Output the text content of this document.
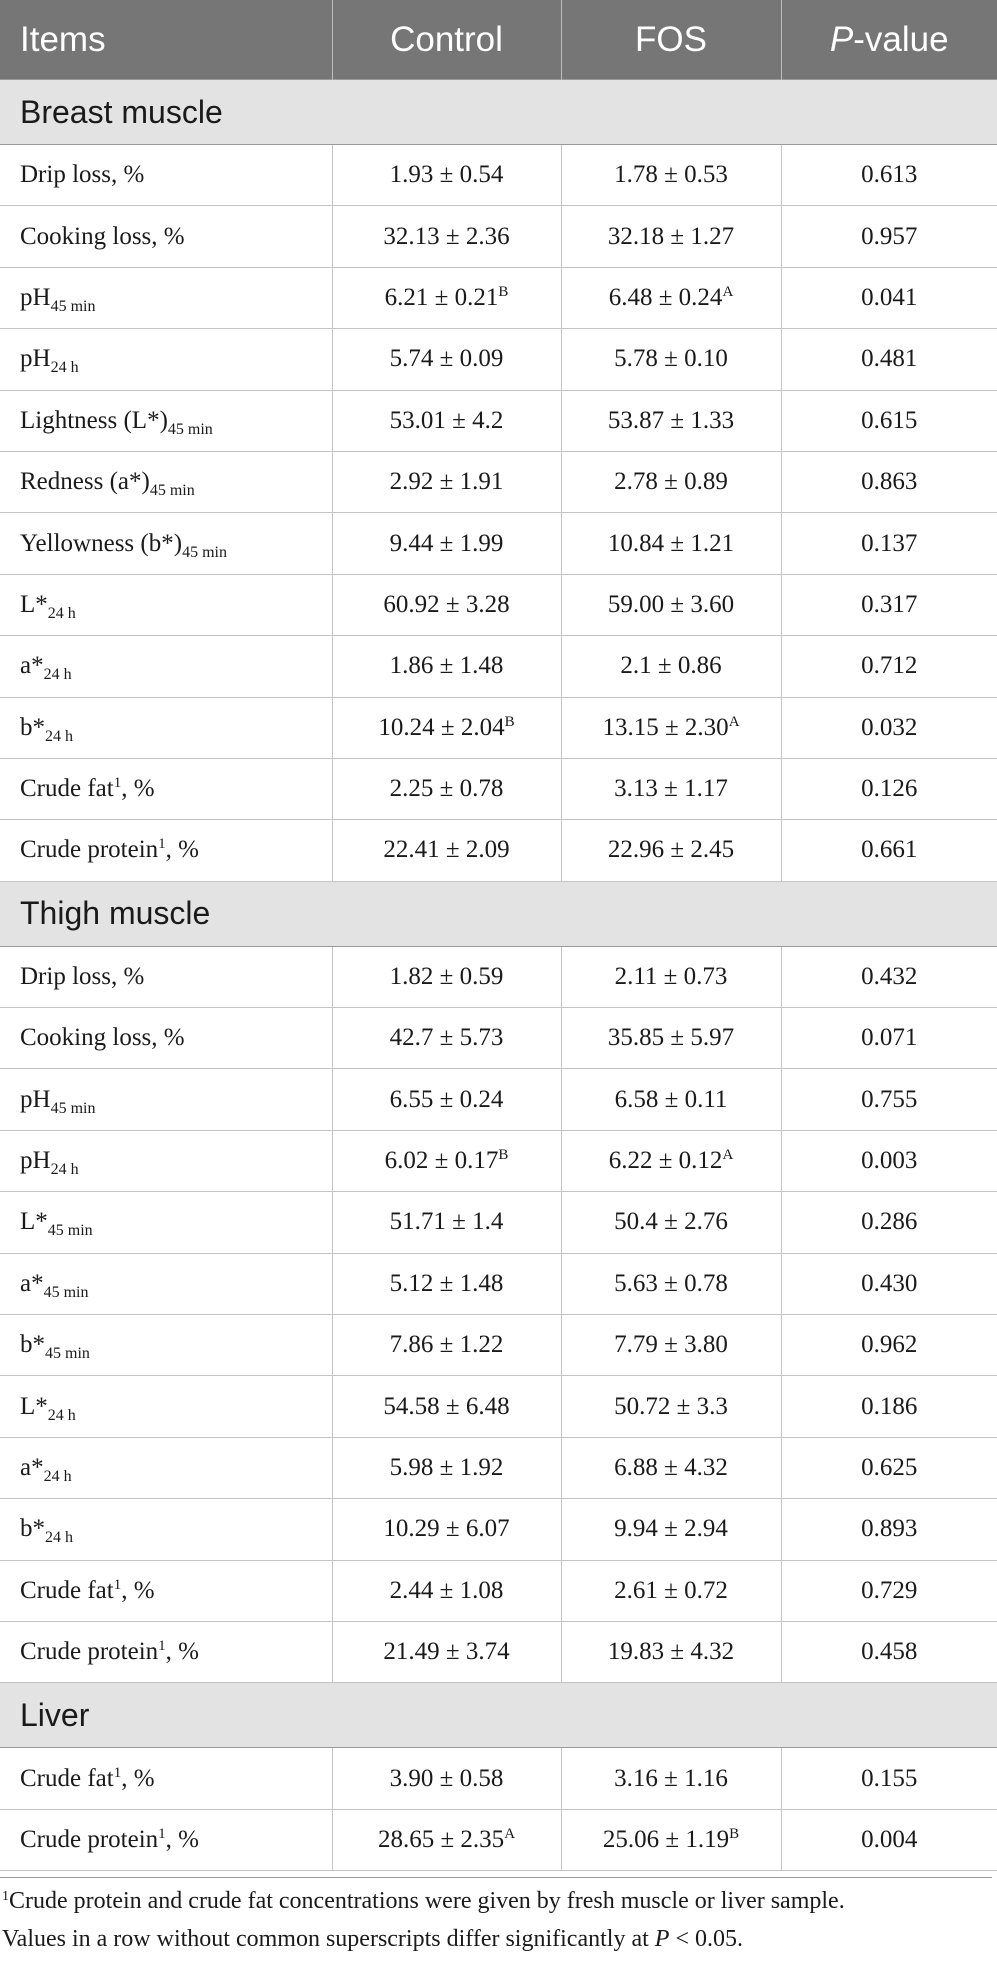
Items	Control	FOS	P-value
Breast muscle			
Drip loss, %	1.93 ± 0.54	1.78 ± 0.53	0.613
Cooking loss, %	32.13 ± 2.36	32.18 ± 1.27	0.957
$pH_{45 min}$	$6.21 \pm 0.21^B$	$6.48 \pm 0.24^A$	0.041
$pH_{24 h}$	5.74 ± 0.09	5.78 ± 0.10	0.481
Lightness $(L*)_{45 min}$	53.01 ± 4.2	53.87 ± 1.33	0.615
Redness $(a*)_{45 min}$	2.92 ± 1.91	2.78 ± 0.89	0.863
Yellowness $(b*)_{45 min}$	9.44 ± 1.99	10.84 ± 1.21	0.137
$L*_{24 h}$	60.92 ± 3.28	59.00 ± 3.60	0.317
$a*_{24 h}$	1.86 ± 1.48	2.1 ± 0.86	0.712
$b*_{24 h}$	$10.24 \pm 2.04^B$	$13.15 \pm 2.30^A$	0.032
Crude fat$^1$, %	2.25 ± 0.78	3.13 ± 1.17	0.126
Crude protein$^1$, %	22.41 ± 2.09	22.96 ± 2.45	0.661
Thigh muscle			
Drip loss, %	1.82 ± 0.59	2.11 ± 0.73	0.432
Cooking loss, %	42.7 ± 5.73	35.85 ± 5.97	0.071
$pH_{45 min}$	6.55 ± 0.24	6.58 ± 0.11	0.755
$pH_{24 h}$	$6.02 \pm 0.17^B$	$6.22 \pm 0.12^A$	0.003
$L*_{45 min}$	51.71 ± 1.4	50.4 ± 2.76	0.286
$a*_{45 min}$	5.12 ± 1.48	5.63 ± 0.78	0.430
$b*_{45 min}$	7.86 ± 1.22	7.79 ± 3.80	0.962
$L*_{24 h}$	54.58 ± 6.48	50.72 ± 3.3	0.186
$a*_{24 h}$	5.98 ± 1.92	6.88 ± 4.32	0.625
$b*_{24 h}$	10.29 ± 6.07	9.94 ± 2.94	0.893
Crude fat$^1$, %	2.44 ± 1.08	2.61 ± 0.72	0.729
Crude protein$^1$, %	21.49 ± 3.74	19.83 ± 4.32	0.458
Liver			
Crude fat$^1$, %	3.90 ± 0.58	3.16 ± 1.16	0.155
Crude protein$^1$, %	$28.65 \pm 2.35^A$	$25.06 \pm 1.19^B$	0.004
$^1$Crude protein and crude fat concentrations were given by fresh muscle or liver sample.
Values in a row without common superscripts differ significantly at P < 0.05.
